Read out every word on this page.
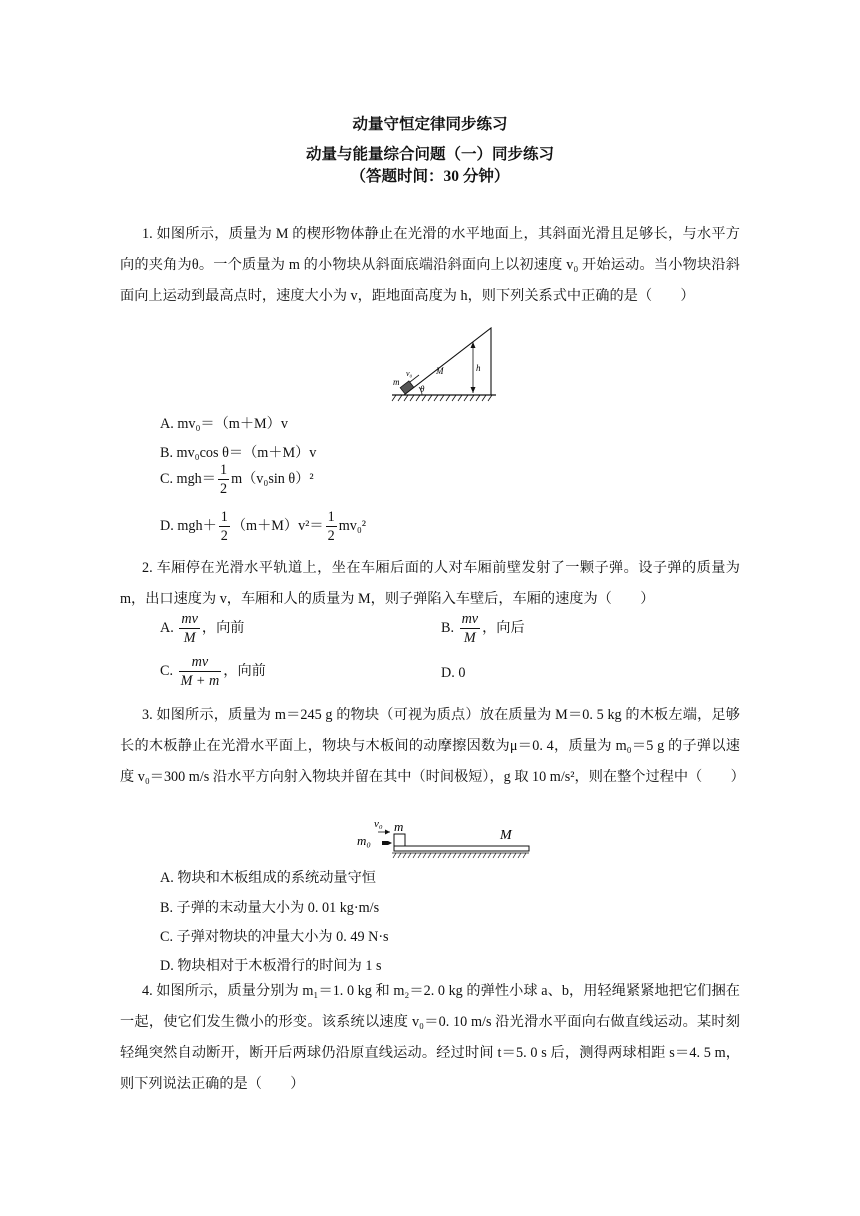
动量守恒定律同步练习
动量与能量综合问题（一）同步练习
（答题时间：30 分钟）
1. 如图所示，质量为 M 的楔形物体静止在光滑的水平地面上，其斜面光滑且足够长，与水平方向的夹角为θ。一个质量为 m 的小物块从斜面底端沿斜面向上以初速度 v₀ 开始运动。当小物块沿斜面向上运动到最高点时，速度大小为 v，距地面高度为 h，则下列关系式中正确的是（　　）
m
v₀	M
θ
h
A. mv₀＝（m＋M）v
B. mv₀cos θ＝（m＋M）v
C. $mgh= \frac{1}{2} m(v_0\sin$ θ）²
D. $mgh+ \frac{1}{2} (m+M)v^2= \frac{1}{2} mv_0^2$
2. 车厢停在光滑水平轨道上，坐在车厢后面的人对车厢前壁发射了一颗子弹。设子弹的质量为 m，出口速度为 v，车厢和人的质量为 M，则子弹陷入车壁后，车厢的速度为（　　）
A. $\frac{mv}{M}$ ，向前	B. $\frac{mv}{M}$ ，向后
C. $\frac{mv}{M + m}$ ，向前	D. 0
3. 如图所示，质量为 m＝245 g 的物块（可视为质点）放在质量为 M＝0. 5 kg 的木板左端，足够长的木板静止在光滑水平面上，物块与木板间的动摩擦因数为μ＝0. 4，质量为 m₀＝5 g 的子弹以速度 v₀＝300 m/s 沿水平方向射入物块并留在其中（时间极短），g 取 10 m/s²，则在整个过程中（　　）
v₀ m
m₀	M
A. 物块和木板组成的系统动量守恒
B. 子弹的末动量大小为 0. 01 kg·m/s
C. 子弹对物块的冲量大小为 0. 49 N·s
D. 物块相对于木板滑行的时间为 1 s
4. 如图所示，质量分别为 m₁＝1. 0 kg 和 m₂＝2. 0 kg 的弹性小球 a、b，用轻绳紧紧地把它们捆在一起，使它们发生微小的形变。该系统以速度 v₀＝0. 10 m/s 沿光滑水平面向右做直线运动。某时刻轻绳突然自动断开，断开后两球仍沿原直线运动。经过时间 t＝5. 0 s 后，测得两球相距 s＝4. 5 m，则下列说法正确的是（　　）
